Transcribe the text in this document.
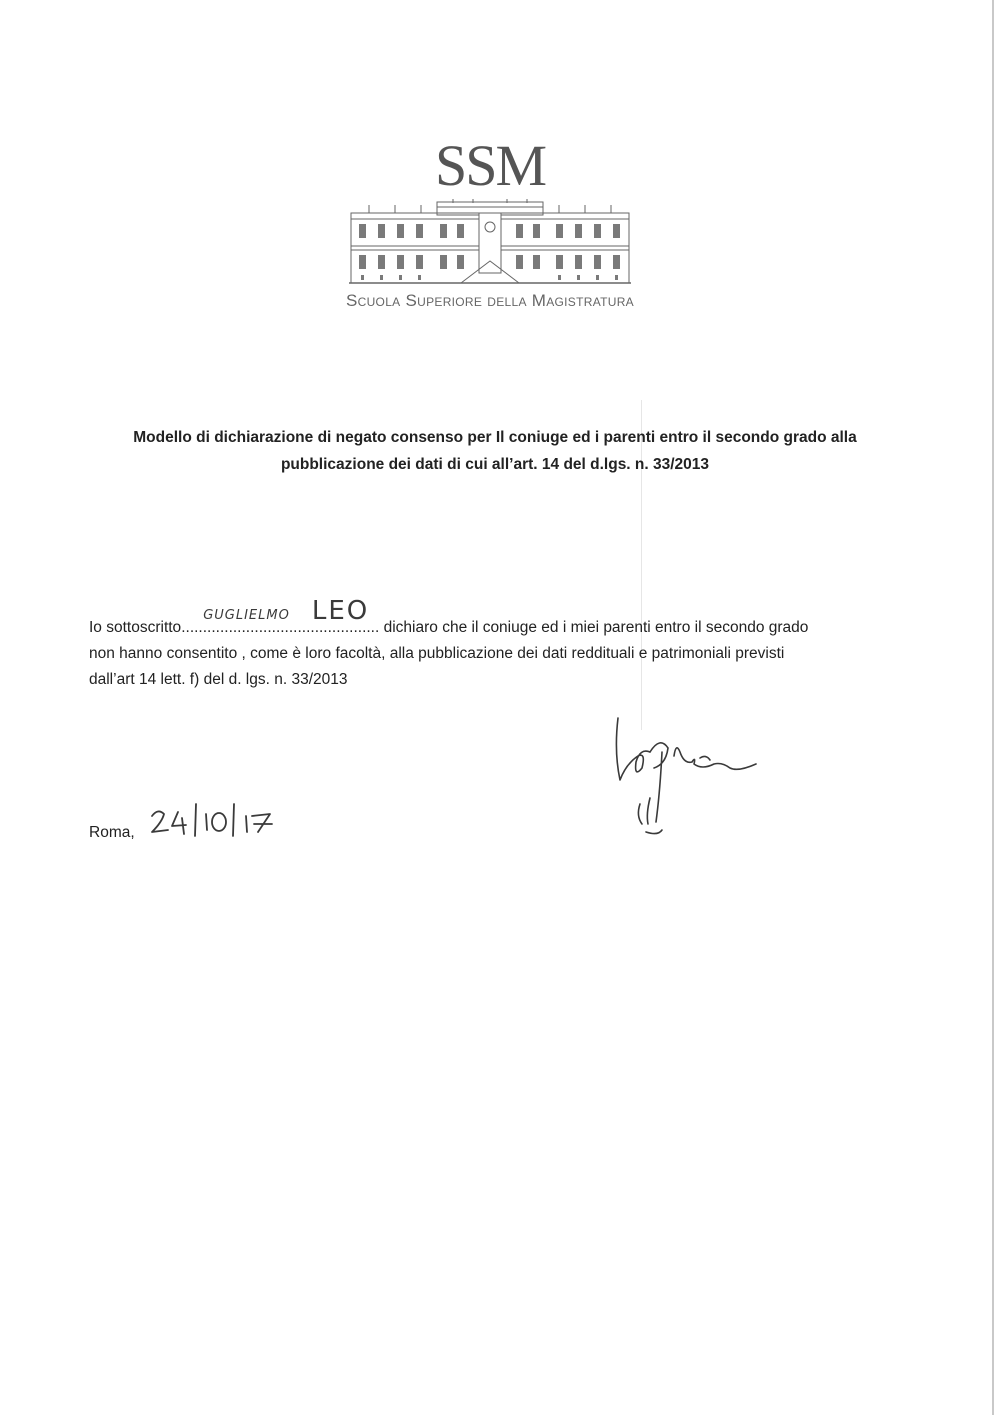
SSM
Scuola Superiore della Magistratura
Modello di dichiarazione di negato consenso per Il coniuge ed i parenti entro il secondo grado alla
pubblicazione dei dati di cui all’art. 14 del d.lgs. n. 33/2013
Io sottoscritto.............................................
GUGLIELMO LEO
. dichiaro che il coniuge ed i miei parenti entro il secondo grado
non hanno consentito , come è loro facoltà, alla pubblicazione dei dati reddituali e patrimoniali previsti
dall’art 14 lett. f) del d. lgs. n. 33/2013
Roma,
